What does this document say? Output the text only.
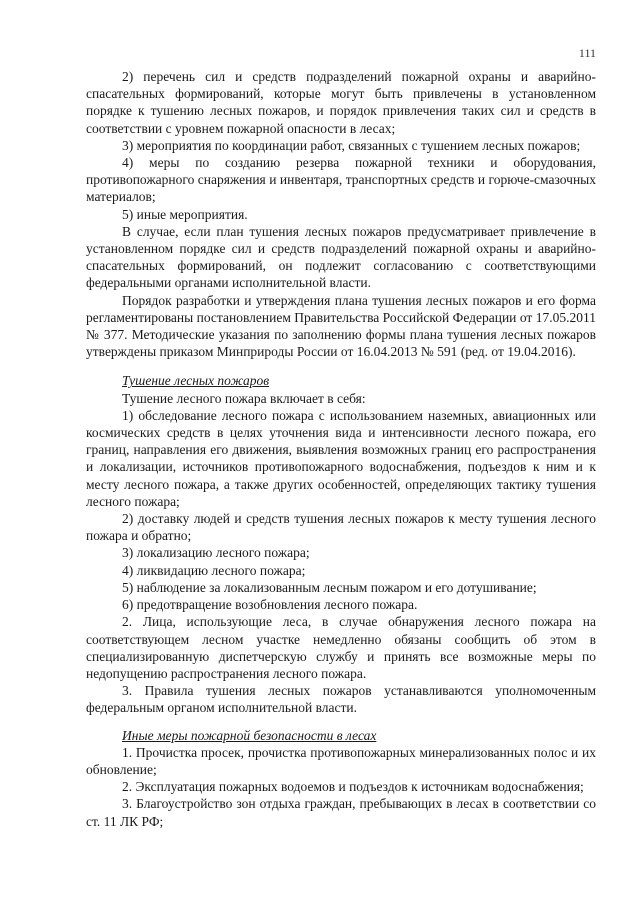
111

2) перечень сил и средств подразделений пожарной охраны и аварийно-спасательных формирований, которые могут быть привлечены в установленном порядке к тушению лесных пожаров, и порядок привлечения таких сил и средств в соответствии с уровнем пожарной опасности в лесах;

3) мероприятия по координации работ, связанных с тушением лесных пожаров;

4) меры по созданию резерва пожарной техники и оборудования, противопожарного снаряжения и инвентаря, транспортных средств и горюче-смазочных материалов;

5) иные мероприятия.

В случае, если план тушения лесных пожаров предусматривает привлечение в установленном порядке сил и средств подразделений пожарной охраны и аварийно-спасательных формирований, он подлежит согласованию с соответствующими федеральными органами исполнительной власти.

Порядок разработки и утверждения плана тушения лесных пожаров и его форма регламентированы постановлением Правительства Российской Федерации от 17.05.2011 № 377. Методические указания по заполнению формы плана тушения лесных пожаров утверждены приказом Минприроды России от 16.04.2013 № 591 (ред. от 19.04.2016).

Тушение лесных пожаров

Тушение лесного пожара включает в себя:

1) обследование лесного пожара с использованием наземных, авиационных или космических средств в целях уточнения вида и интенсивности лесного пожара, его границ, направления его движения, выявления возможных границ его распространения и локализации, источников противопожарного водоснабжения, подъездов к ним и к месту лесного пожара, а также других особенностей, определяющих тактику тушения лесного пожара;

2) доставку людей и средств тушения лесных пожаров к месту тушения лесного пожара и обратно;

3) локализацию лесного пожара;

4) ликвидацию лесного пожара;

5) наблюдение за локализованным лесным пожаром и его дотушивание;

6) предотвращение возобновления лесного пожара.

2. Лица, использующие леса, в случае обнаружения лесного пожара на соответствующем лесном участке немедленно обязаны сообщить об этом в специализированную диспетчерскую службу и принять все возможные меры по недопущению распространения лесного пожара.

3. Правила тушения лесных пожаров устанавливаются уполномоченным федеральным органом исполнительной власти.

Иные меры пожарной безопасности в лесах

1. Прочистка просек, прочистка противопожарных минерализованных полос и их обновление;

2. Эксплуатация пожарных водоемов и подъездов к источникам водоснабжения;

3. Благоустройство зон отдыха граждан, пребывающих в лесах в соответствии со ст. 11 ЛК РФ;
